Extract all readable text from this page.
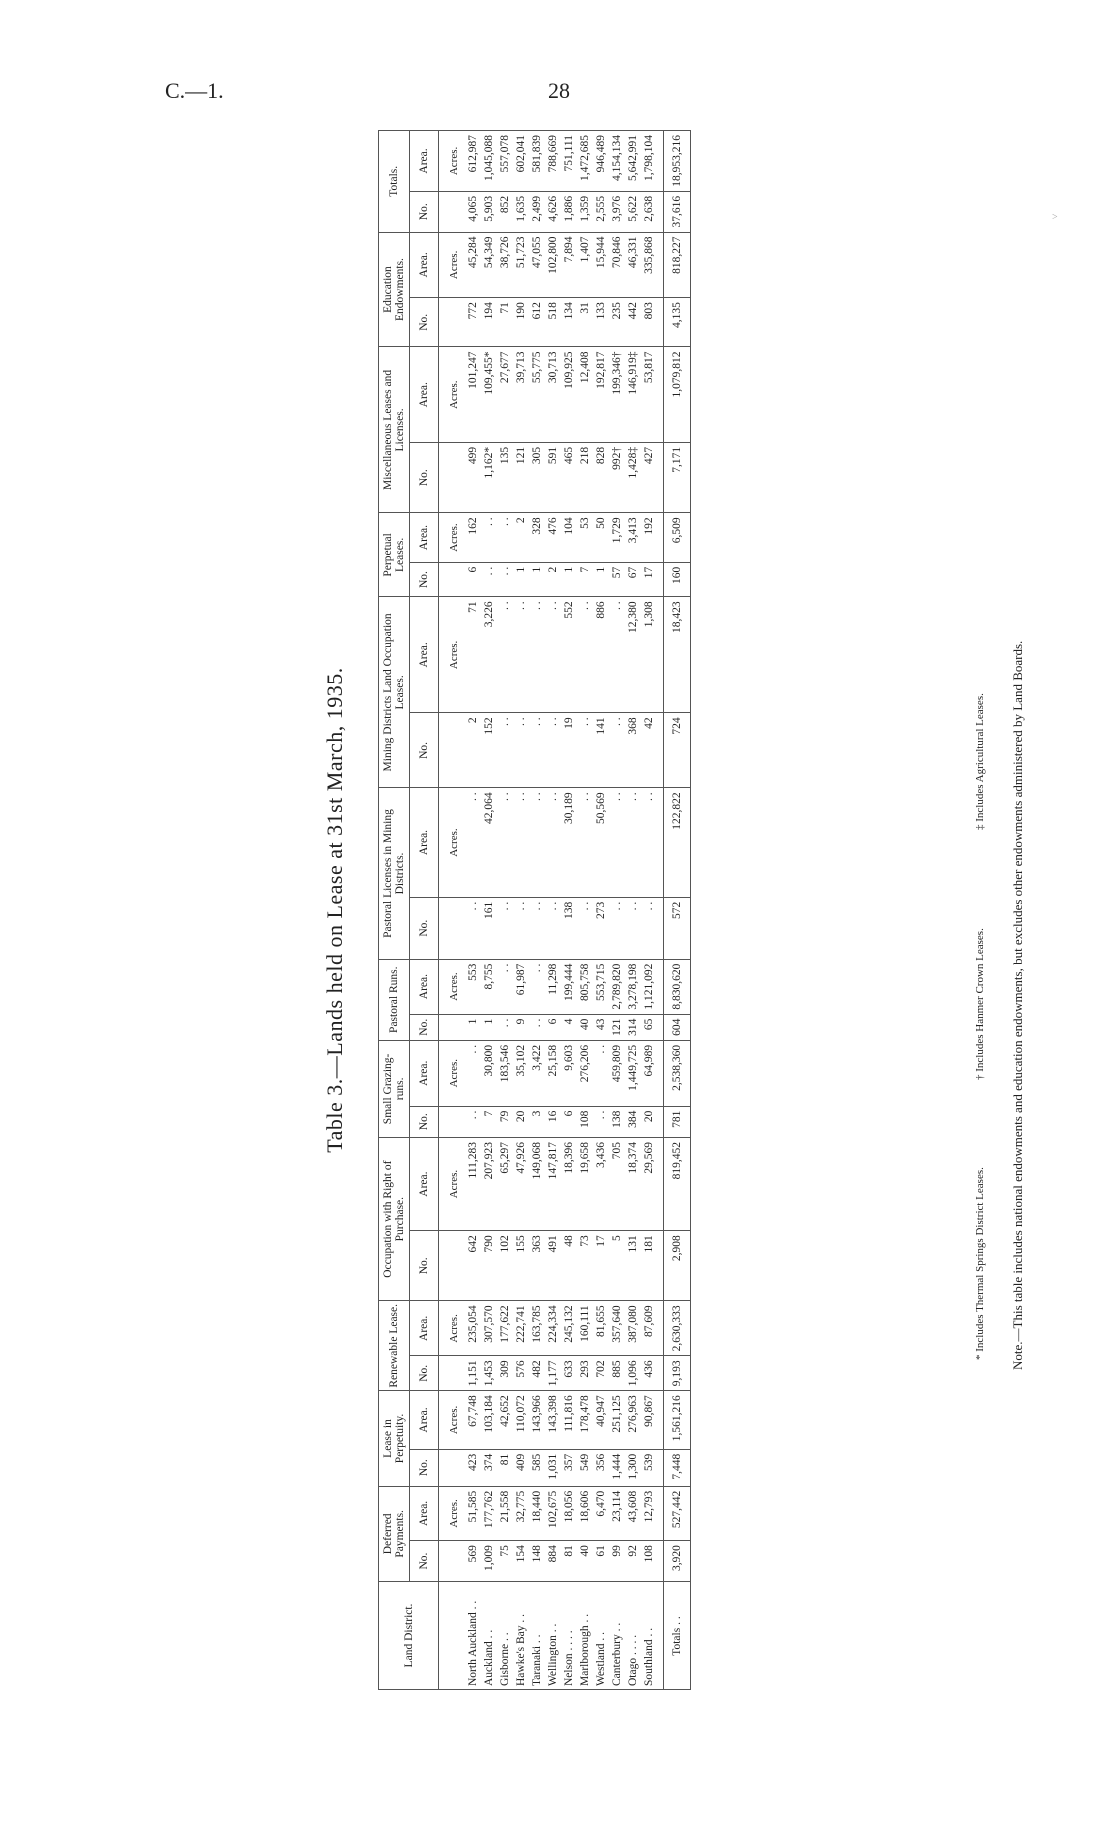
C.—1.	28
Table 3.—Lands held on Lease at 31st March, 1935.
Land District.	Deferred Payments.		Lease in Perpetuity.		Renewable Lease.		Occupation with Right of Purchase.		Small Grazing-runs.		Pastoral Runs.		Pastoral Licenses in Mining Districts.		Mining Districts Land Occupation Leases.		Perpetual Leases.		Miscellaneous Leases and Licenses.		Education Endowments.		Totals.	
	No.	Area.	No.	Area.	No.	Area.	No.	Area.	No.	Area.	No.	Area.	No.	Area.	No.	Area.	No.	Area.	No.	Area.	No.	Area.	No.	Area.
		Acres.		Acres.		Acres.		Acres.		Acres.		Acres.		Acres.		Acres.		Acres.		Acres.		Acres.		Acres.
North Auckland . .	569	51,585	423	67,748	1,151	235,054	642	111,283	. .	. .	1	553	. .	. .	2	71	6	162	499	101,247	772	45,284	4,065	612,987
Auckland . .	1,009	177,762	374	103,184	1,453	307,570	790	207,923	7	30,800	1	8,755	161	42,064	152	3,226	. .	. .	1,162*	109,455*	194	54,349	5,903	1,045,088
Gisborne . .	75	21,558	81	42,652	309	177,622	102	65,297	79	183,546	. .	. .	. .	. .	. .	. .	. .	. .	135	27,677	71	38,726	852	557,078
Hawke's Bay . .	154	32,775	409	110,072	576	222,741	155	47,926	20	35,102	9	61,987	. .	. .	. .	. .	1	2	121	39,713	190	51,723	1,635	602,041
Taranaki . .	148	18,440	585	143,966	482	163,785	363	149,068	3	3,422	. .	. .	. .	. .	. .	. .	1	328	305	55,775	612	47,055	2,499	581,839
Wellington . .	884	102,675	1,031	143,398	1,177	224,334	491	147,817	16	25,158	6	11,298	. .	. .	. .	. .	2	476	591	30,713	518	102,800	4,626	788,669
Nelson . . . .	81	18,056	357	111,816	633	245,132	48	18,396	6	9,603	4	199,444	138	30,189	19	552	1	104	465	109,925	134	7,894	1,886	751,111
Marlborough . .	40	18,606	549	178,478	293	160,111	73	19,658	108	276,206	40	805,758	. .	. .	. .	. .	7	53	218	12,408	31	1,407	1,359	1,472,685
Westland . .	61	6,470	356	40,947	702	81,655	17	3,436	. .	. .	43	553,715	273	50,569	141	886	1	50	828	192,817	133	15,944	2,555	946,489
Canterbury . .	99	23,114	1,444	251,125	885	357,640	5	705	138	459,809	121	2,789,820	. .	. .	. .	. .	57	1,729	992†	199,346†	235	70,846	3,976	4,154,134
Otago . . . .	92	43,608	1,300	276,963	1,096	387,080	131	18,374	384	1,449,725	314	3,278,198	. .	. .	368	12,380	67	3,413	1,428‡	146,919‡	442	46,331	5,622	5,642,991
Southland . .	108	12,793	539	90,867	436	87,609	181	29,569	20	64,989	65	1,121,092	. .	. .	42	1,308	17	192	427	53,817	803	335,868	2,638	1,798,104
Totals . .	3,920	527,442	7,448	1,561,216	9,193	2,630,333	2,908	819,452	781	2,538,360	604	8,830,620	572	122,822	724	18,423	160	6,509	7,171	1,079,812	4,135	818,227	37,616	18,953,216
* Includes Thermal Springs District Leases.
† Includes Hanmer Crown Leases.
‡ Includes Agricultural Leases. Note.—This table includes national endowments and education endowments, but excludes other endowments administered by Land Boards.
>
